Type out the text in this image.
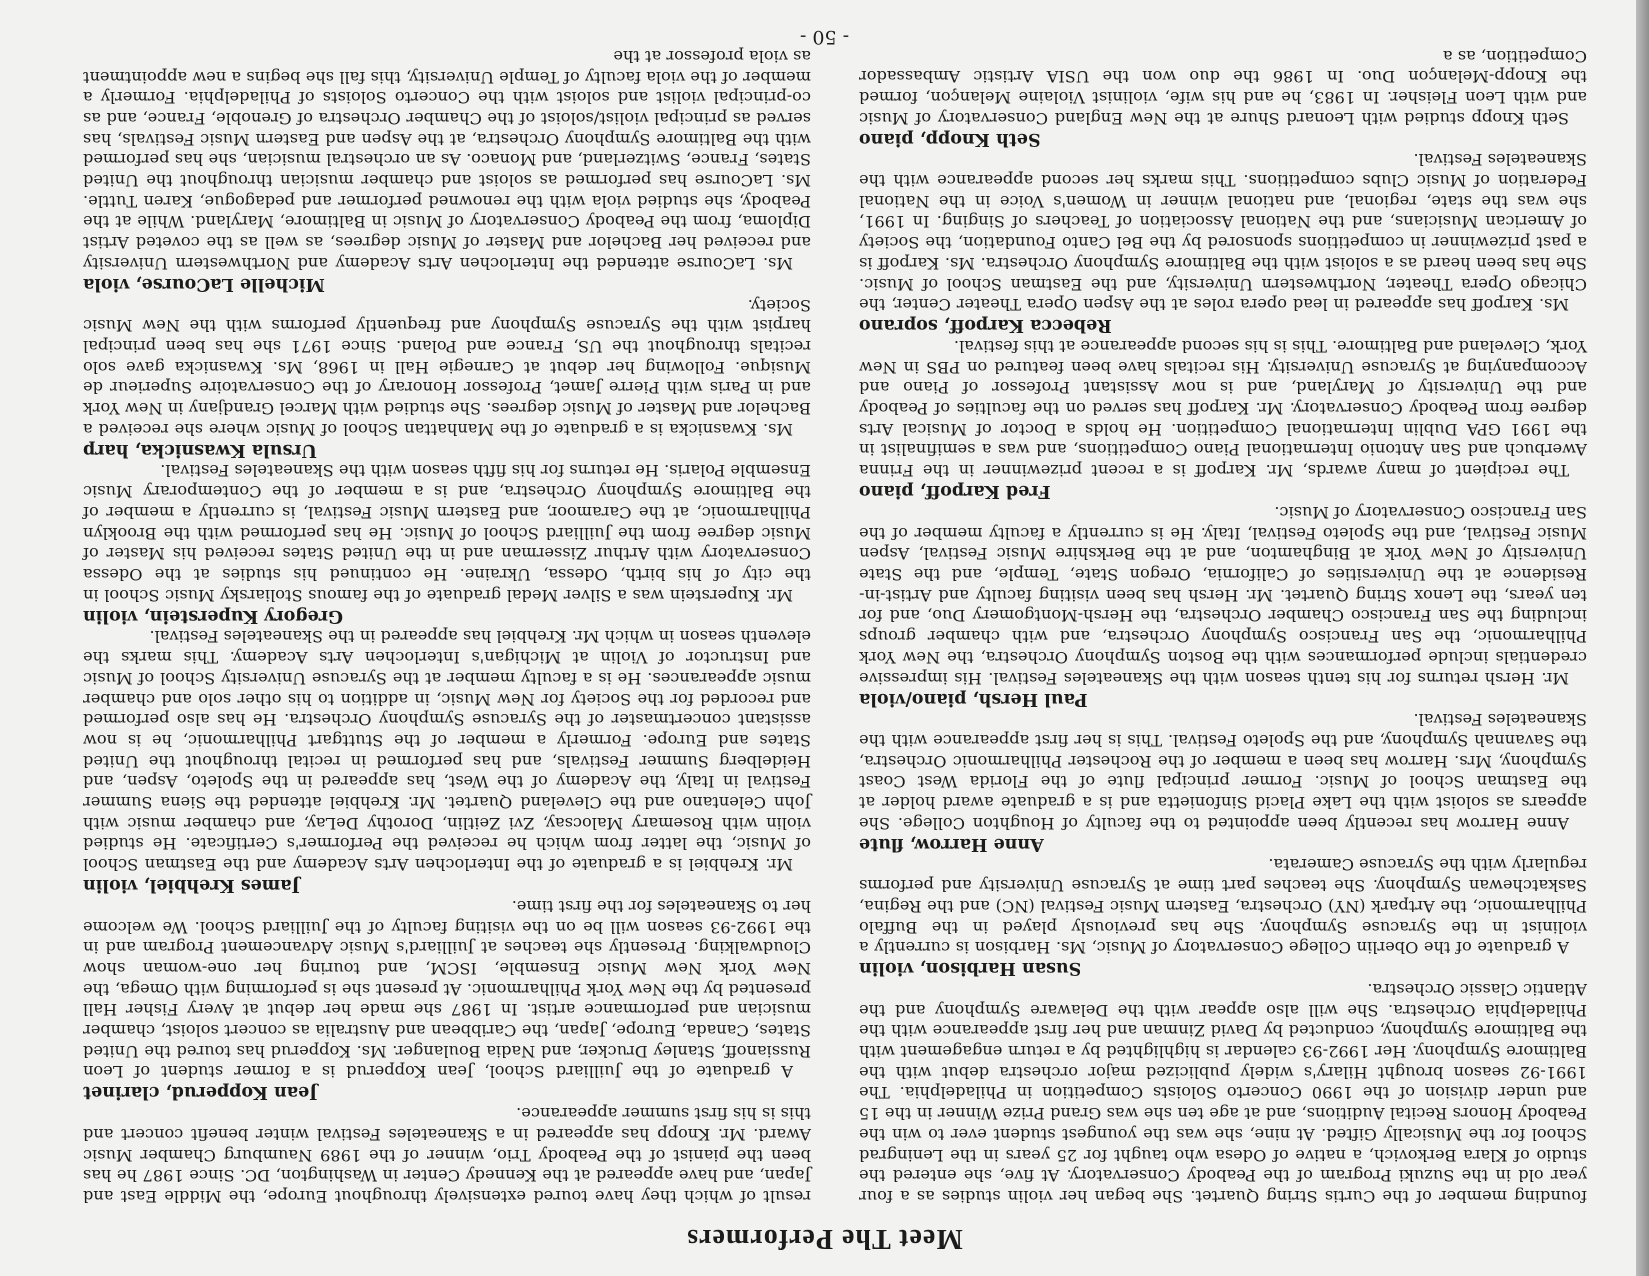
Meet The Performers

founding member of the Curtis String Quartet. She began her violin studies as a four year old in the Suzuki Program of the Peabody Conservatory. At five, she entered the studio of Klara Berkovich, a native of Odesa who taught for 25 years in the Leningrad School for the Musically Gifted. At nine, she was the youngest student ever to win the Peabody Honors Recital Auditions, and at age ten she was Grand Prize Winner in the 15 and under division of the 1990 Concerto Soloists Competition in Philadelphia. The 1991-92 season brought Hilary's widely publicized major orchestra debut with the Baltimore Symphony. Her 1992-93 calendar is highlighted by a return engagement with the Baltimore Symphony, conducted by David Zinman and her first appearance with the Philadelphia Orchestra. She will also appear with the Delaware Symphony and the Atlantic Classic Orchestra.

Susan Harbison, violin

A graduate of the Oberlin College Conservatory of Music, Ms. Harbison is currently a violinist in the Syracuse Symphony. She has previously played in the Buffalo Philharmonic, the Artpark (NY) Orchestra, Eastern Music Festival (NC) and the Regina, Saskatchewan Symphony. She teaches part time at Syracuse University and performs regularly with the Syracuse Camerata.

Anne Harrow, flute

Anne Harrow has recently been appointed to the faculty of Houghton College. She appears as soloist with the Lake Placid Sinfonietta and is a graduate award holder at the Eastman School of Music. Former principal flute of the Florida West Coast Symphony, Mrs. Harrow has been a member of the Rochester Philharmonic Orchestra, the Savannah Symphony, and the Spoleto Festival. This is her first appearance with the Skaneateles Festival.

Paul Hersh, piano/viola

Mr. Hersh returns for his tenth season with the Skaneateles Festival. His impressive credentials include performances with the Boston Symphony Orchestra, the New York Philharmonic, the San Francisco Symphony Orchestra, and with chamber groups including the San Francisco Chamber Orchestra, the Hersh-Montgomery Duo, and for ten years, the Lenox String Quartet. Mr. Hersh has been visiting faculty and Artist-in-Residence at the Universities of California, Oregon State, Temple, and the State University of New York at Binghamton, and at the Berkshire Music Festival, Aspen Music Festival, and the Spoleto Festival, Italy. He is currently a faculty member of the San Francisco Conservatory of Music.

Fred Karpoff, piano

The recipient of many awards, Mr. Karpoff is a recent prizewinner in the Frinna Awerbuch and San Antonio International Piano Competitions, and was a semifinalist in the 1991 GPA Dublin International Competition. He holds a Doctor of Musical Arts degree from Peabody Conservatory. Mr. Karpoff has served on the faculties of Peabody and the University of Maryland, and is now Assistant Professor of Piano and Accompanying at Syracuse University. His recitals have been featured on PBS in New York, Cleveland and Baltimore. This is his second appearance at this festival.

Rebecca Karpoff, soprano

Ms. Karpoff has appeared in lead opera roles at the Aspen Opera Theater Center, the Chicago Opera Theater, Northwestern University, and the Eastman School of Music. She has been heard as a soloist with the Baltimore Symphony Orchestra. Ms. Karpoff is a past prizewinner in competitions sponsored by the Bel Canto Foundation, the Society of American Musicians, and the National Association of Teachers of Singing. In 1991, she was the state, regional, and national winner in Women's Voice in the National Federation of Music Clubs competitions. This marks her second appearance with the Skaneateles Festival.

Seth Knopp, piano

Seth Knopp studied with Leonard Shure at the New England Conservatory of Music and with Leon Fleisher. In 1983, he and his wife, violinist Violaine Melançon, formed the Knopp-Melançon Duo. In 1986 the duo won the USIA Artistic Ambassador Competition, as a

result of which they have toured extensively throughout Europe, the Middle East and Japan, and have appeared at the Kennedy Center in Washington, DC. Since 1987 he has been the pianist of the Peabody Trio, winner of the 1989 Naumburg Chamber Music Award. Mr. Knopp has appeared in a Skaneateles Festival winter benefit concert and this is his first summer appearance.

Jean Kopperud, clarinet

A graduate of the Juilliard School, Jean Kopperud is a former student of Leon Russianoff, Stanley Drucker, and Nadia Boulanger. Ms. Kopperud has toured the United States, Canada, Europe, Japan, the Caribbean and Australia as concert soloist, chamber musician and performance artist. In 1987 she made her debut at Avery Fisher Hall presented by the New York Philharmonic. At present she is performing with Omega, the New York New Music Ensemble, ISCM, and touring her one-woman show Cloudwalking. Presently she teaches at Juilliard's Music Advancement Program and in the 1992-93 season will be on the visiting faculty of the Juilliard School. We welcome her to Skaneateles for the first time.

James Krehbiel, violin

Mr. Krehbiel is a graduate of the Interlochen Arts Academy and the Eastman School of Music, the latter from which he received the Performer's Certificate. He studied violin with Rosemary Malocsay, Zvi Zeitlin, Dorothy DeLay, and chamber music with John Celentano and the Cleveland Quartet. Mr. Krehbiel attended the Siena Summer Festival in Italy, the Academy of the West, has appeared in the Spoleto, Aspen, and Heidelberg Summer Festivals, and has performed in recital throughout the United States and Europe. Formerly a member of the Stuttgart Philharmonic, he is now assistant concertmaster of the Syracuse Symphony Orchestra. He has also performed and recorded for the Society for New Music, in addition to his other solo and chamber music appearances. He is a faculty member at the Syracuse University School of Music and Instructor of Violin at Michigan's Interlochen Arts Academy. This marks the eleventh season in which Mr. Krehbiel has appeared in the Skaneateles Festival.

Gregory Kuperstein, violin

Mr. Kuperstein was a Silver Medal graduate of the famous Stoliarsky Music School in the city of his birth, Odessa, Ukraine. He continued his studies at the Odessa Conservatory with Arthur Zisserman and in the United States received his Master of Music degree from the Juilliard School of Music. He has performed with the Brooklyn Philharmonic, at the Caramoor, and Eastern Music Festival, is currently a member of the Baltimore Symphony Orchestra, and is a member of the Contemporary Music Ensemble Polaris. He returns for his fifth season with the Skaneateles Festival.

Ursula Kwasnicka, harp

Ms. Kwasnicka is a graduate of the Manhattan School of Music where she received a Bachelor and Master of Music degrees. She studied with Marcel Grandjany in New York and in Paris with Pierre Jamet, Professor Honorary of the Conservatoire Superieur de Musique. Following her debut at Carnegie Hall in 1968, Ms. Kwasnicka gave solo recitals throughout the US, France and Poland. Since 1971 she has been principal harpist with the Syracuse Symphony and frequently performs with the New Music Society.

Michelle LaCourse, viola

Ms. LaCourse attended the Interlochen Arts Academy and Northwestern University and received her Bachelor and Master of Music degrees, as well as the coveted Artist Diploma, from the Peabody Conservatory of Music in Baltimore, Maryland. While at the Peabody, she studied viola with the renowned performer and pedagogue, Karen Tuttle. Ms. LaCourse has performed as soloist and chamber musician throughout the United States, France, Switzerland, and Monaco. As an orchestral musician, she has performed with the Baltimore Symphony Orchestra, at the Aspen and Eastern Music Festivals, has served as principal violist/soloist of the Chamber Orchestra of Grenoble, France, and as co-principal violist and soloist with the Concerto Soloists of Philadelphia. Formerly a member of the viola faculty of Temple University, this fall she begins a new appointment as viola professor at the

- 50 -
